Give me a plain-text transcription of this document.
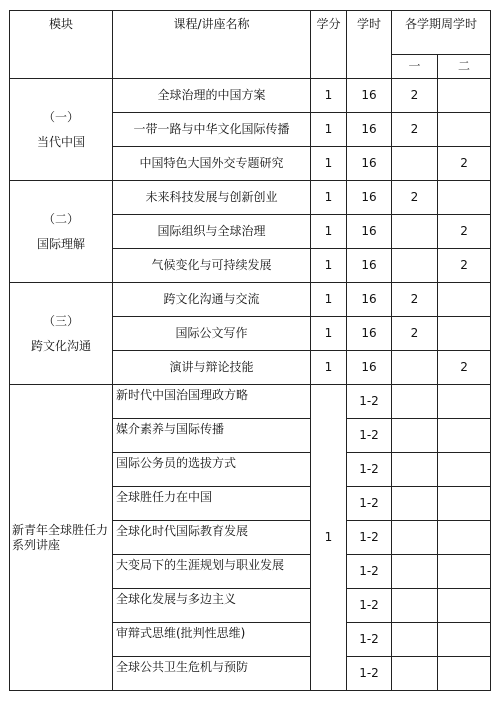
模块	课程/讲座名称	学分	学时	各学期周学时	
				一	二

（一）
当代中国	全球治理的中国方案	1	16	2	
	一带一路与中华文化国际传播	1	16	2	
	中国特色大国外交专题研究	1	16		2

（二）
国际理解	未来科技发展与创新创业	1	16	2	
	国际组织与全球治理	1	16		2
	气候变化与可持续发展	1	16		2

（三）
跨文化沟通	跨文化沟通与交流	1	16	2	
	国际公文写作	1	16	2	
	演讲与辩论技能	1	16		2
新青年全球胜任力系列讲座	新时代中国治国理政方略	1	1-2		
	媒介素养与国际传播		1-2		
	国际公务员的选拔方式		1-2		
	全球胜任力在中国		1-2		
	全球化时代国际教育发展		1-2		
	大变局下的生涯规划与职业发展		1-2		
	全球化发展与多边主义		1-2		
	审辩式思维(批判性思维)		1-2		
	全球公共卫生危机与预防		1-2		
